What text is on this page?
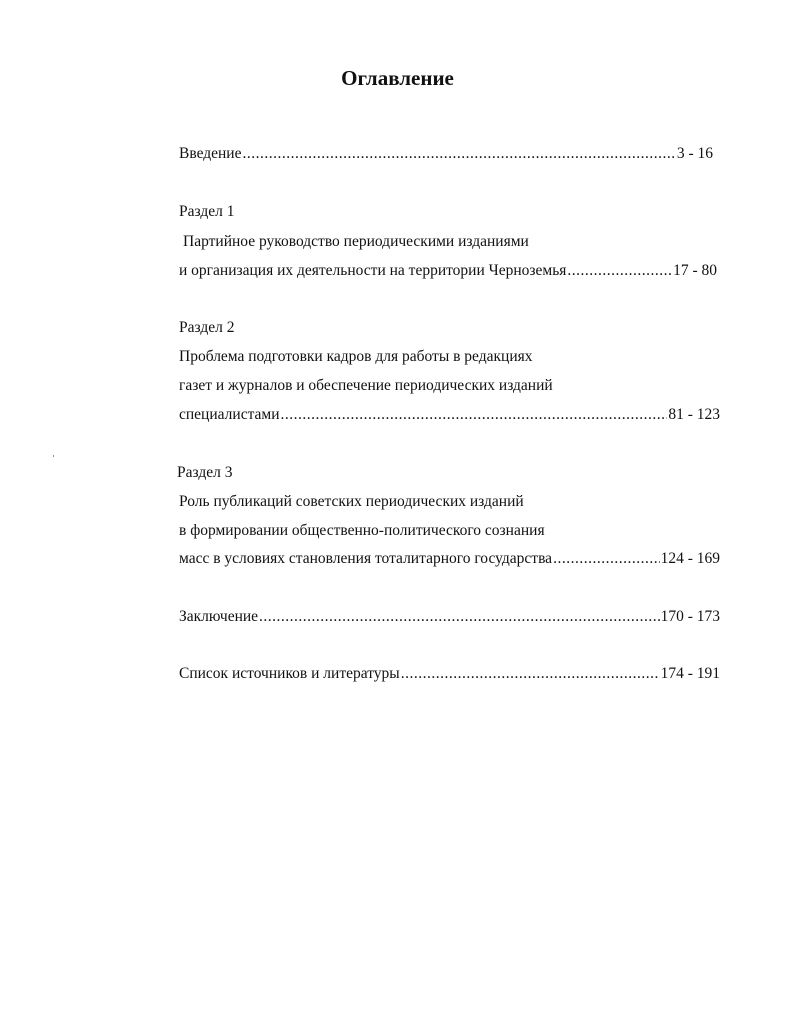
Оглавление
Введение .....	3 - 16
Раздел 1
Партийное руководство периодическими изданиями
и организация их деятельности на территории Черноземья .....	17 - 80
Раздел 2
Проблема подготовки кадров для работы в редакциях
газет и журналов и обеспечение периодических изданий
специалистами .....	81 - 123
Раздел 3
Роль публикаций советских периодических изданий
в формировании общественно-политического сознания
масс в условиях становления тоталитарного государства .....	124 - 169
Заключение .....	170 - 173
Список источников и литературы .....	174 - 191
